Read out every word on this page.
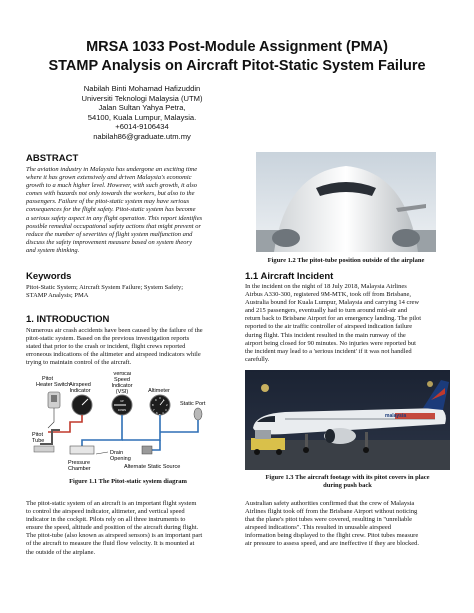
MRSA 1033 Post-Module Assignment (PMA)
STAMP Analysis on Aircraft Pitot-Static System Failure
Nabilah Binti Mohamad Hafizuddin
Universiti Teknologi Malaysia (UTM)
Jalan Sultan Yahya Petra,
54100, Kuala Lumpur, Malaysia.
+6014-9106434
nabilah86@graduate.utm.my
ABSTRACT
The aviation industry in Malaysia has undergone an exciting time
where it has grown extensively and driven Malaysia's economic
growth to a much higher level. However, with such growth, it also
comes with hazards not only towards the workers, but also to the
passengers. Failure of the pitot-static system may have serious
consequences for the flight safety. Pitot-static system has become
a serious safety aspect in any flight operation. This report identifies
possible remedial occupational safety actions that might prevent or
reduce the number of severities of flight system malfunction and
discuss the safety improvement measure based on system theory
and system thinking.
Keywords
Pitot-Static System; Aircraft System Failure; System Safety;
STAMP Analysis; PMA
1. INTRODUCTION
Numerous air crash accidents have been caused by the failure of the
pitot-static system. Based on the previous investigation reports
stated that prior to the crash or incident, flight crews reported
erroneous indications of the altimeter and airspeed indicators while
trying to maintain control of the aircraft.
Pitot
Heater Switch
Airspeed
Indicator
Vertical
Speed
Indicator
(VSI)
UP
DOWN
Altimeter
0
9
8	2
7	3
6 4
5
Static Port
Pitot
Tube
Pressure
Chamber
Drain
Opening
Alternate Static Source
Figure 1.1 The Pitot-static system diagram
The pitot-static system of an aircraft is an important flight system
to control the airspeed indicator, altimeter, and vertical speed
indicator in the cockpit. Pilots rely on all three instruments to
ensure the speed, altitude and position of the aircraft during flight.
The pitot-tube (also known as airspeed sensors) is an important part
of the aircraft to measure the fluid flow velocity. It is mounted at
the outside of the airplane.
Figure 1.2 The pitot-tube position outside of the airplane
1.1 Aircraft Incident
In the incident on the night of 18 July 2018, Malaysia Airlines
Airbus A330-300, registered 9M-MTK, took off from Brisbane,
Australia bound for Kuala Lumpur, Malaysia and carrying 14 crew
and 215 passengers, eventually had to turn around mid-air and
return back to Brisbane Airport for an emergency landing. The pilot
reported to the air traffic controller of airspeed indication failure
during flight. This incident resulted in the main runway of the
airport being closed for 90 minutes. No injuries were reported but
the incident may lead to a 'serious incident' if it was not handled
carefully.
malaysia
Figure 1.3 The aircraft footage with its pitot covers in place
during push back
Australian safety authorities confirmed that the crew of Malaysia
Airlines flight took off from the Brisbane Airport without noticing
that the plane's pitot tubes were covered, resulting in "unreliable
airspeed indications". This resulted in unusable airspeed
information being displayed to the flight crew. Pitot tubes measure
air pressure to assess speed, and are ineffective if they are blocked.
